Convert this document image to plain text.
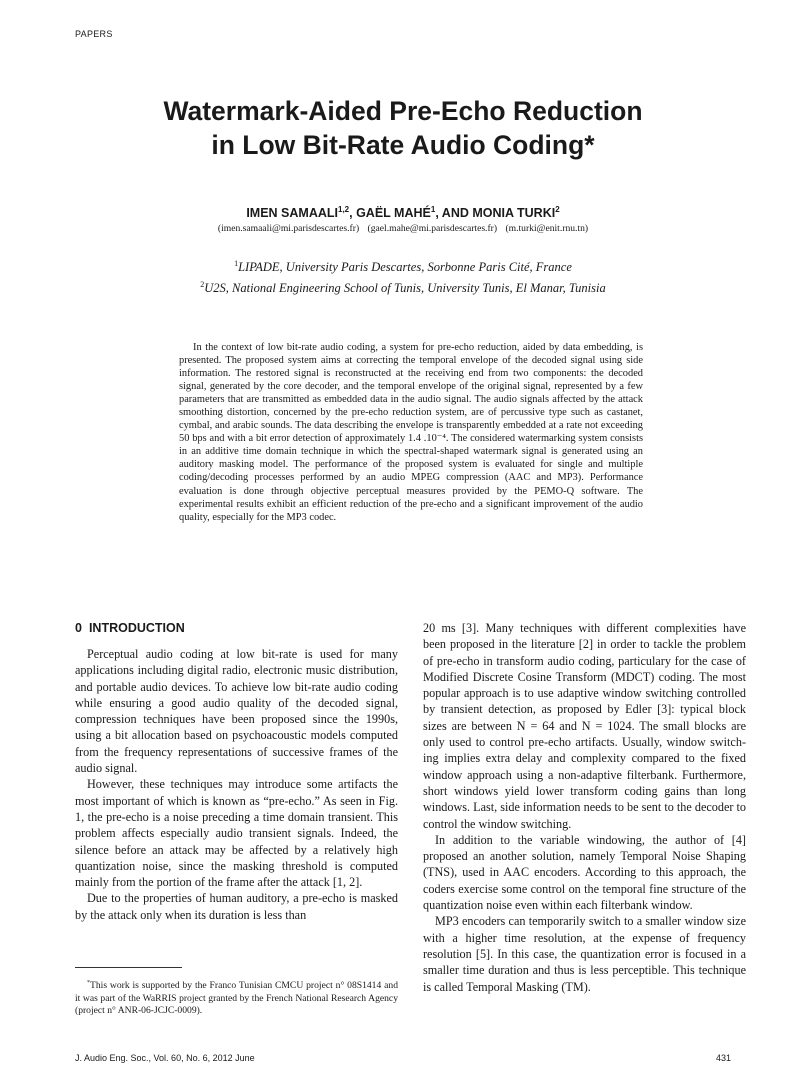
PAPERS
Watermark-Aided Pre-Echo Reduction
in Low Bit-Rate Audio Coding*
IMEN SAMAALI$^{1,2}$, GAËL MAHÉ$^1$, AND MONIA TURKI$^2$
(imen.samaali@mi.parisdescartes.fr) (gael.mahe@mi.parisdescartes.fr) (m.turki@enit.rnu.tn)
$^1$LIPADE, University Paris Descartes, Sorbonne Paris Cité, France
$^2$U2S, National Engineering School of Tunis, University Tunis, El Manar, Tunisia

In the context of low bit-rate audio coding, a system for pre-echo reduction, aided by data embedding, is presented. The proposed system aims at correcting the temporal envelope of the decoded signal using side information. The restored signal is reconstructed at the receiving end from two components: the decoded signal, generated by the core decoder, and the temporal envelope of the original signal, represented by a few parameters that are transmitted as embedded data in the audio signal. The audio signals affected by the attack smoothing distortion, concerned by the pre-echo reduction system, are of percussive type such as castanet, cymbal, and arabic sounds. The data describing the envelope is transparently embedded at a rate not exceeding 50 bps and with a bit error detection of approximately 1.4 .10⁻⁴. The considered watermarking system consists in an additive time domain technique in which the spectral-shaped watermark signal is generated using an auditory masking model. The performance of the proposed system is evaluated for single and multiple coding/decoding processes performed by an audio MPEG compression (AAC and MP3). Performance evaluation is done through objective perceptual measures provided by the PEMO-Q software. The experimental results exhibit an efficient reduction of the pre-echo and a significant improvement of the audio quality, especially for the MP3 codec.

0 INTRODUCTION

Perceptual audio coding at low bit-rate is used for many applications including digital radio, electronic music distribution, and portable audio devices. To achieve low bit-rate audio coding while ensuring a good audio quality of the decoded signal, compression techniques have been proposed since the 1990s, using a bit allocation based on psychoacoustic models computed from the frequency representations of successive frames of the audio signal.

However, these techniques may introduce some artifacts the most important of which is known as “pre-echo.” As seen in Fig. 1, the pre-echo is a noise preceding a time domain transient. This problem affects especially audio transient signals. Indeed, the silence before an attack may be affected by a relatively high quantization noise, since the masking threshold is computed mainly from the portion of the frame after the attack [1, 2].

Due to the properties of human auditory, a pre-echo is masked by the attack only when its duration is less than

20 ms [3]. Many techniques with different complexities have been proposed in the literature [2] in order to tackle the problem of pre-echo in transform audio coding, particulary for the case of Modified Discrete Cosine Transform (MDCT) coding. The most popular approach is to use adaptive window switching controlled by transient detection, as proposed by Edler [3]: typical block sizes are between N = 64 and N = 1024. The small blocks are only used to control pre-echo artifacts. Usually, window switching implies extra delay and complexity compared to the fixed window approach using a non-adaptive filterbank. Furthermore, short windows yield lower transform coding gains than long windows. Last, side information needs to be sent to the decoder to control the window switching.

In addition to the variable windowing, the author of [4] proposed an another solution, namely Temporal Noise Shaping (TNS), used in AAC encoders. According to this approach, the coders exercise some control on the temporal fine structure of the quantization noise even within each filterbank window.

MP3 encoders can temporarily switch to a smaller window size with a higher time resolution, at the expense of frequency resolution [5]. In this case, the quantization error is focused in a smaller time duration and thus is less perceptible. This technique is called Temporal Masking (TM).

*This work is supported by the Franco Tunisian CMCU project n° 08S1414 and it was part of the WaRRIS project granted by the French National Research Agency (project n° ANR-06-JCJC-0009).

J. Audio Eng. Soc., Vol. 60, No. 6, 2012 June	431
